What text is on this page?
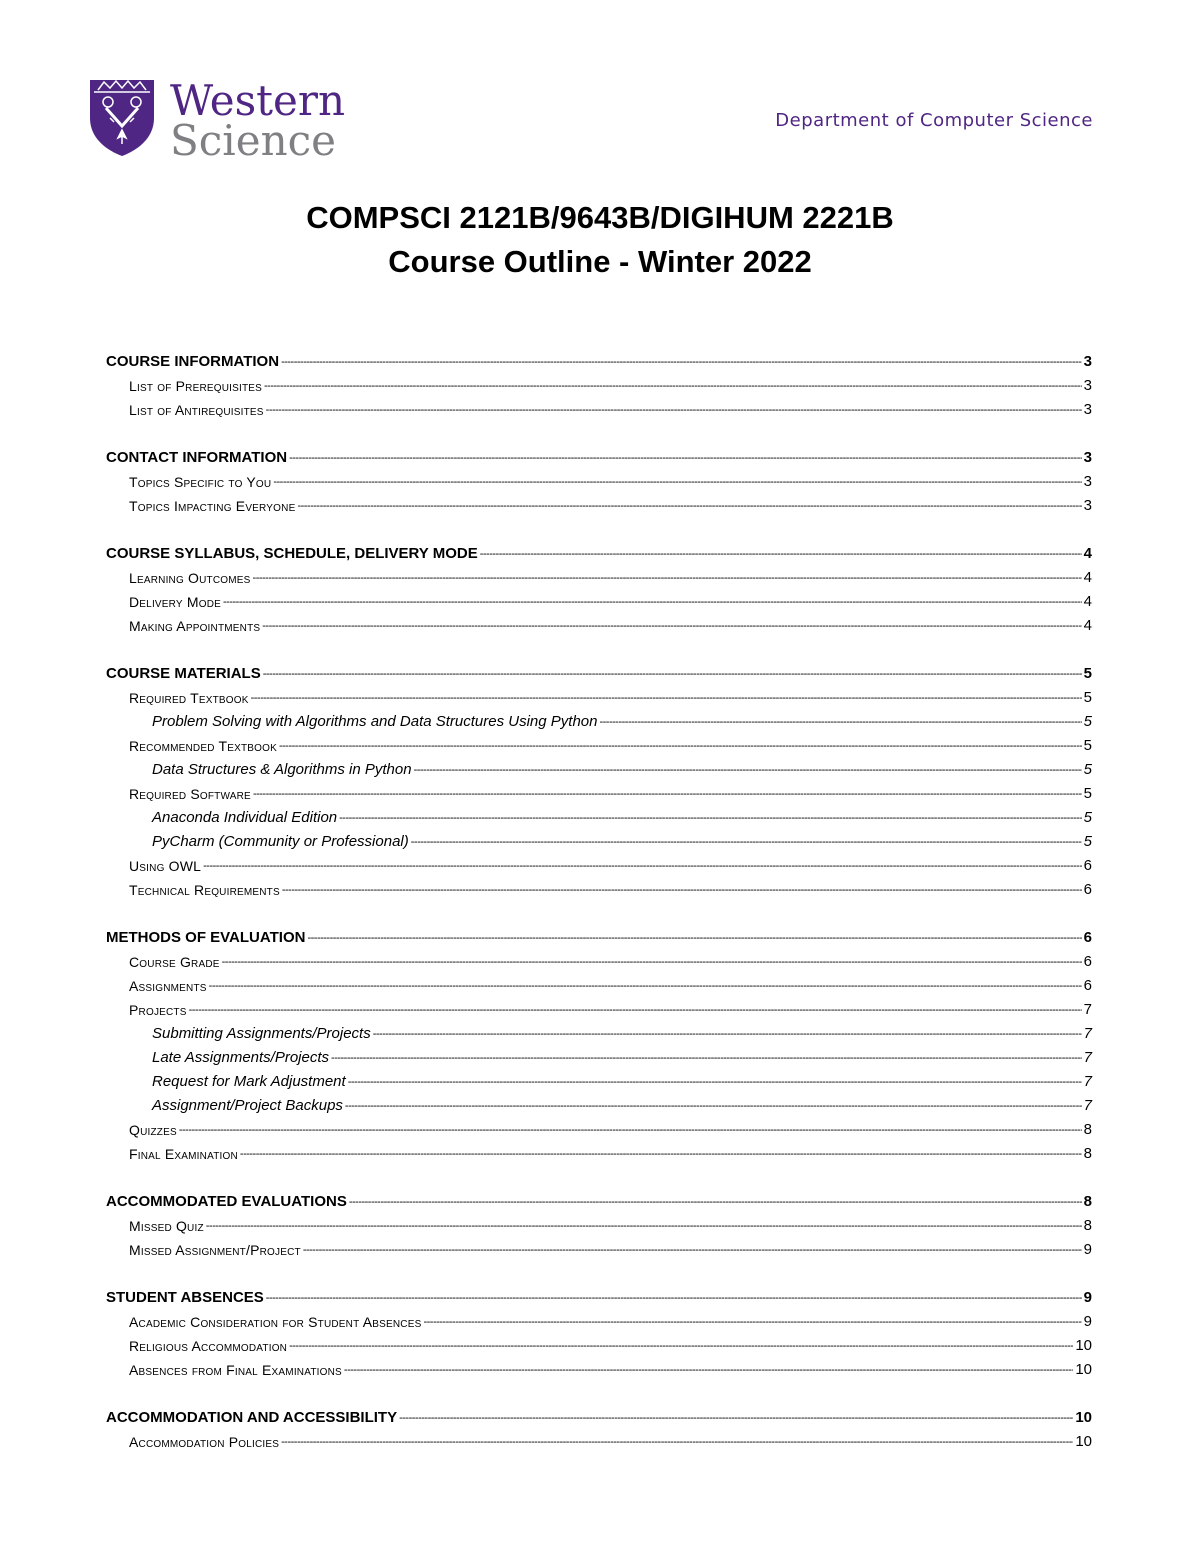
Western
Science	Department of Computer Science
COMPSCI 2121B/9643B/DIGIHUM 2221B
Course Outline - Winter 2022
COURSE INFORMATION -----	3
List of Prerequisites -----	3
List of Antirequisites -----	3
CONTACT INFORMATION -----	3
Topics Specific to You -----	3
Topics Impacting Everyone -----	3
COURSE SYLLABUS, SCHEDULE, DELIVERY MODE -----	4
Learning Outcomes -----	4
Delivery Mode -----	4
Making Appointments -----	4
COURSE MATERIALS -----	5
Required Textbook -----	5
Problem Solving with Algorithms and Data Structures Using Python -----	5
Recommended Textbook -----	5
Data Structures & Algorithms in Python -----	5
Required Software -----	5
Anaconda Individual Edition -----	5
PyCharm (Community or Professional) -----	5
Using OWL -----	6
Technical Requirements -----	6
METHODS OF EVALUATION -----	6
Course Grade -----	6
Assignments -----	6
Projects -----	7
Submitting Assignments/Projects -----	7
Late Assignments/Projects -----	7
Request for Mark Adjustment -----	7
Assignment/Project Backups -----	7
Quizzes -----	8
Final Examination -----	8
ACCOMMODATED EVALUATIONS -----	8
Missed Quiz -----	8
Missed Assignment/Project -----	9
STUDENT ABSENCES -----	9
Academic Consideration for Student Absences -----	9
Religious Accommodation -----	10
Absences from Final Examinations -----	10
ACCOMMODATION AND ACCESSIBILITY -----	10
Accommodation Policies -----	10
